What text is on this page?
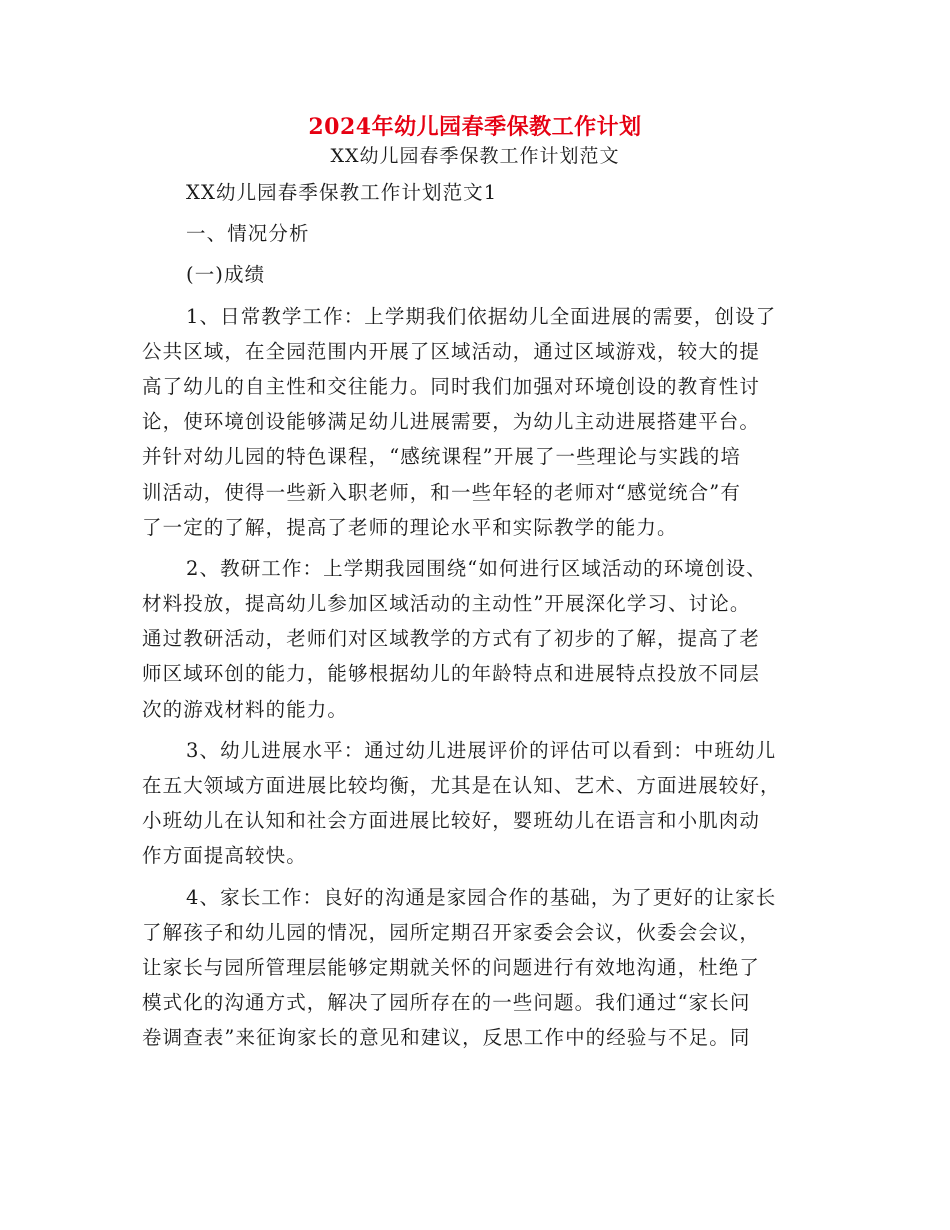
2024年幼儿园春季保教工作计划
XX幼儿园春季保教工作计划范文
XX幼儿园春季保教工作计划范文1
一、情况分析
(一)成绩
1、日常教学工作：上学期我们依据幼儿全面进展的需要，创设了
公共区域，在全园范围内开展了区域活动，通过区域游戏，较大的提
高了幼儿的自主性和交往能力。同时我们加强对环境创设的教育性讨
论，使环境创设能够满足幼儿进展需要，为幼儿主动进展搭建平台。
并针对幼儿园的特色课程，“感统课程”开展了一些理论与实践的培
训活动，使得一些新入职老师，和一些年轻的老师对“感觉统合”有
了一定的了解，提高了老师的理论水平和实际教学的能力。
2、教研工作：上学期我园围绕“如何进行区域活动的环境创设、
材料投放，提高幼儿参加区域活动的主动性”开展深化学习、讨论。
通过教研活动，老师们对区域教学的方式有了初步的了解，提高了老
师区域环创的能力，能够根据幼儿的年龄特点和进展特点投放不同层
次的游戏材料的能力。
3、幼儿进展水平：通过幼儿进展评价的评估可以看到：中班幼儿
在五大领域方面进展比较均衡，尤其是在认知、艺术、方面进展较好，
小班幼儿在认知和社会方面进展比较好，婴班幼儿在语言和小肌肉动
作方面提高较快。
4、家长工作：良好的沟通是家园合作的基础，为了更好的让家长
了解孩子和幼儿园的情况，园所定期召开家委会会议，伙委会会议，
让家长与园所管理层能够定期就关怀的问题进行有效地沟通，杜绝了
模式化的沟通方式，解决了园所存在的一些问题。我们通过“家长问
卷调查表”来征询家长的意见和建议，反思工作中的经验与不足。同
